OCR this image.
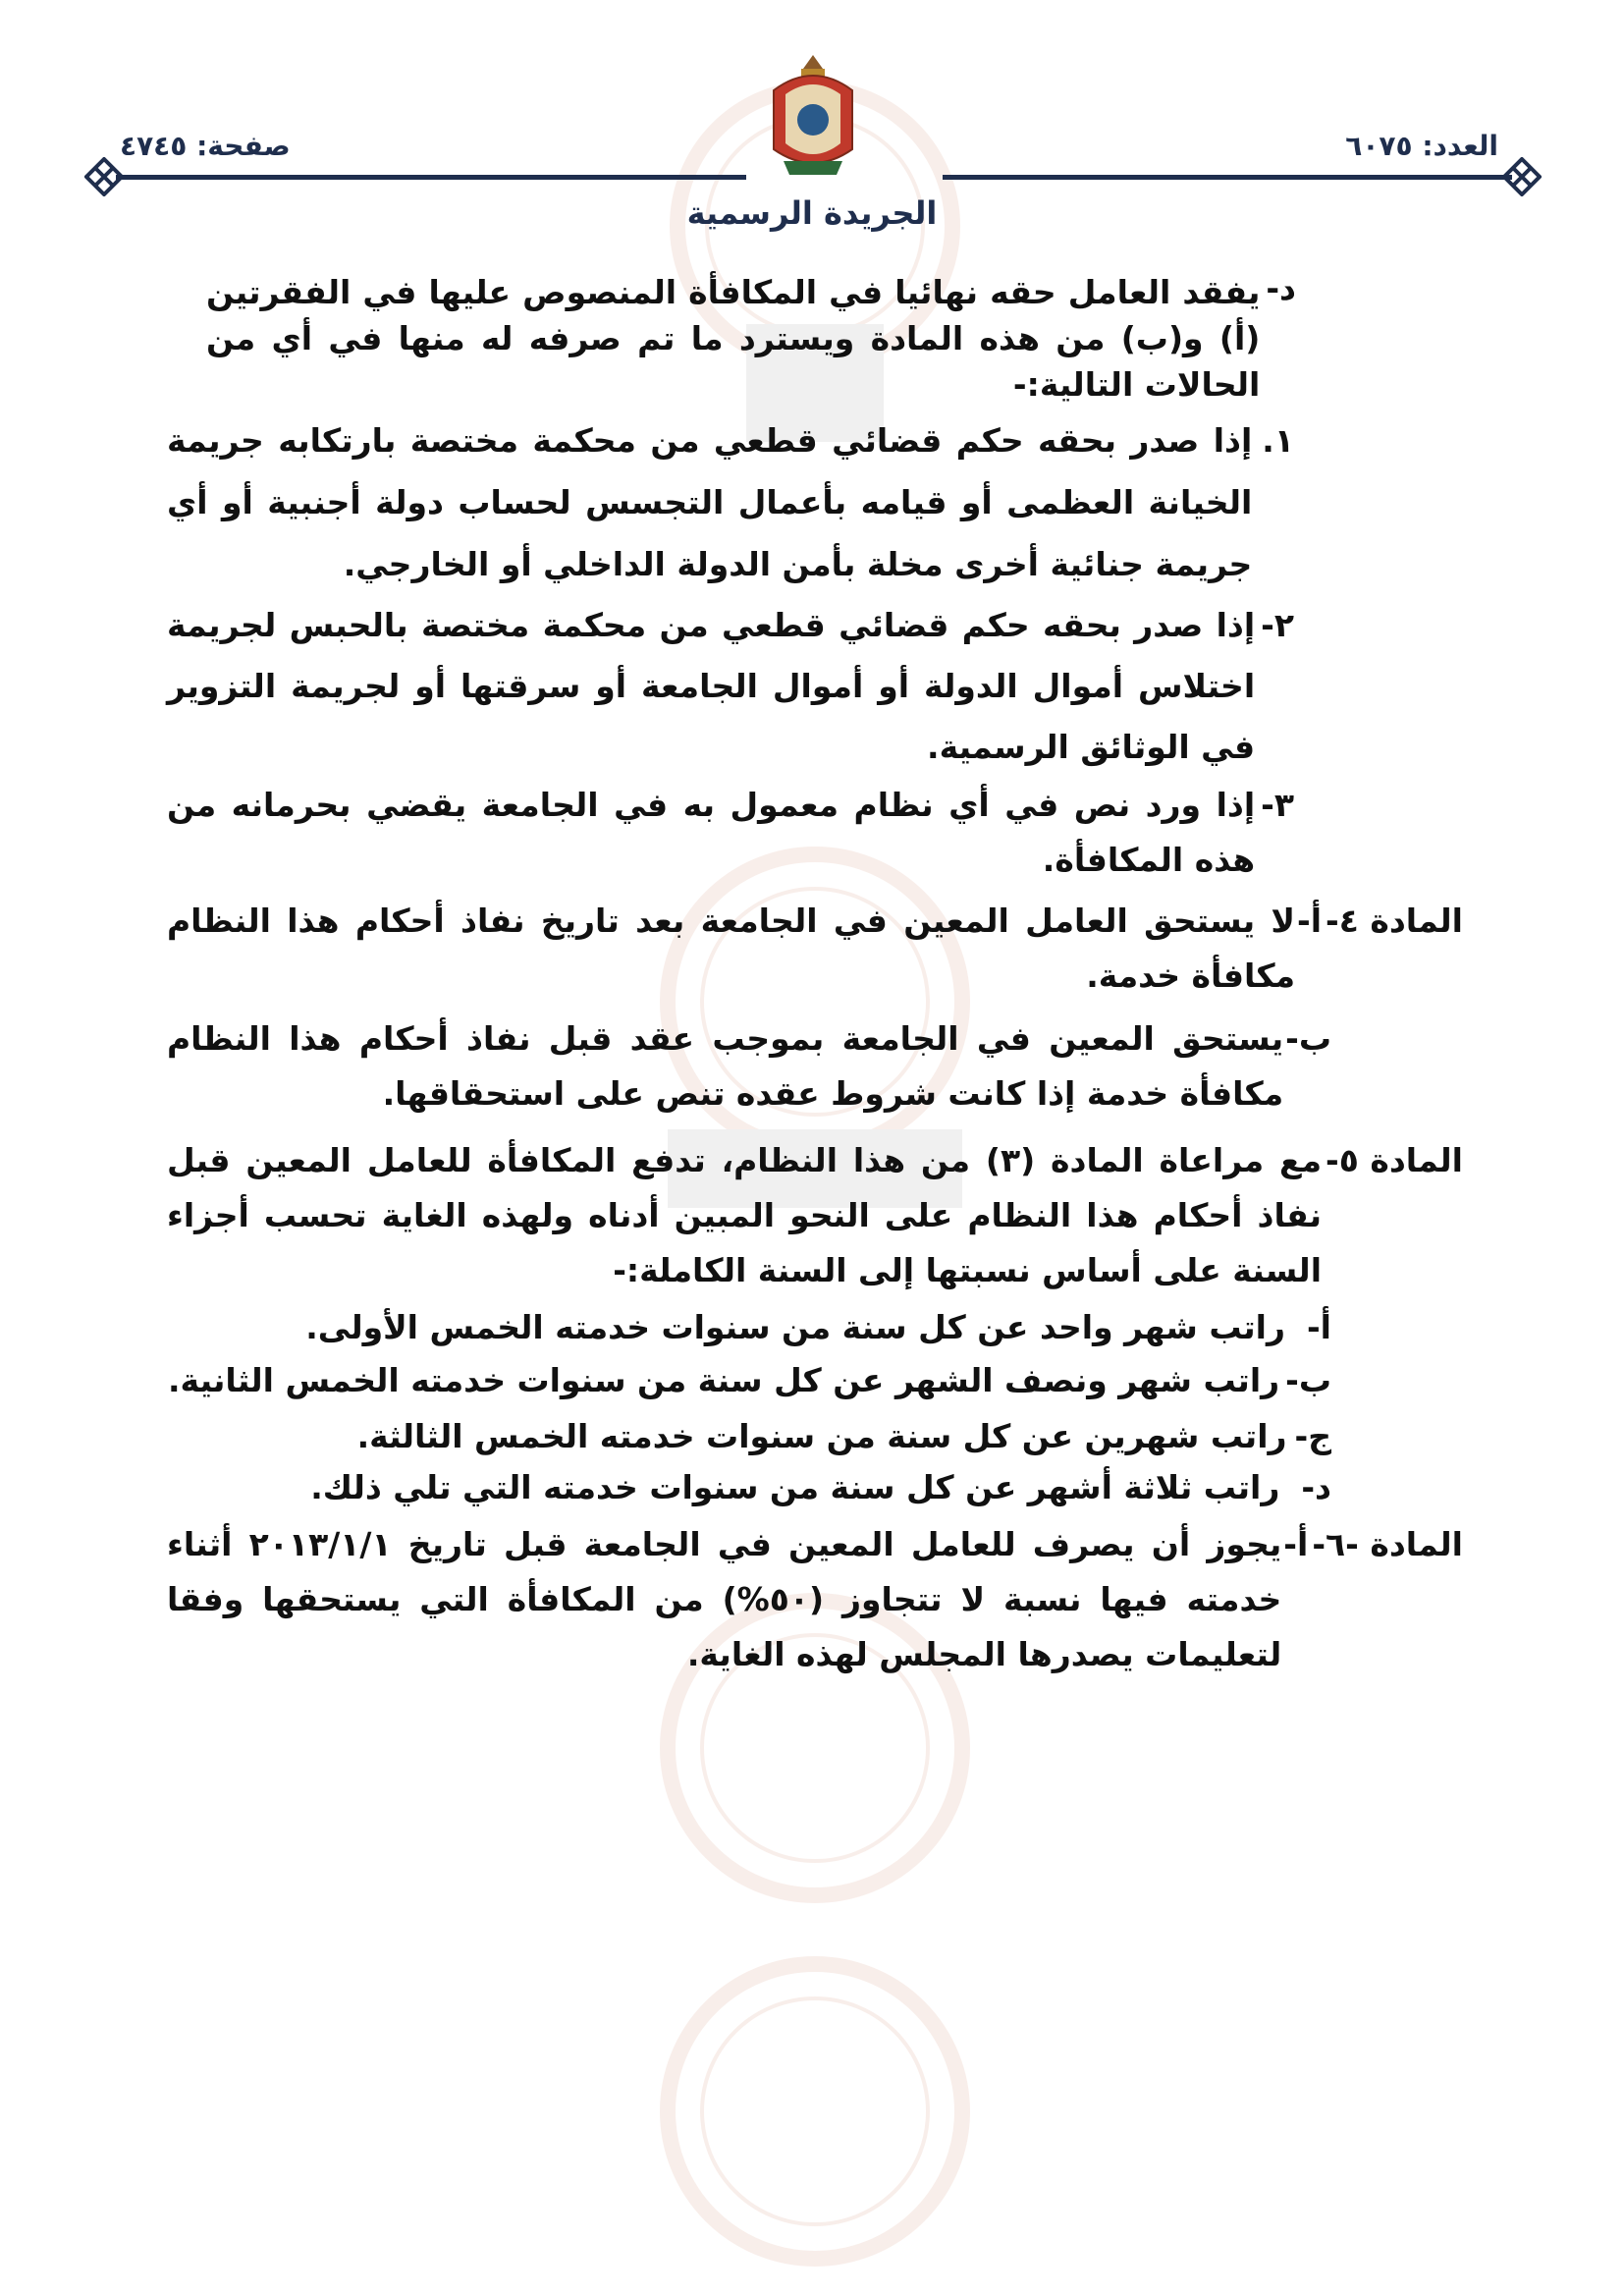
صفحة: ٤٧٤٥	العدد: ٦٠٧٥
الجريدة الرسمية
د-

يفقد العامل حقه نهائيا في المكافأة المنصوص عليها في الفقرتين (أ) و(ب) من هذه المادة ويسترد ما تم صرفه له منها في أي من الحالات التالية:-

١.

إذا صدر بحقه حكم قضائي قطعي من محكمة مختصة بارتكابه جريمة الخيانة العظمى أو قيامه بأعمال التجسس لحساب دولة أجنبية أو أي جريمة جنائية أخرى مخلة بأمن الدولة الداخلي أو الخارجي.

٢-

إذا صدر بحقه حكم قضائي قطعي من محكمة مختصة بالحبس لجريمة اختلاس أموال الدولة أو أموال الجامعة أو سرقتها أو لجريمة التزوير في الوثائق الرسمية.

٣-

إذا ورد نص في أي نظام معمول به في الجامعة يقضي بحرمانه من هذه المكافأة.

المادة ٤-
أ-

لا يستحق العامل المعين في الجامعة بعد تاريخ نفاذ أحكام هذا النظام مكافأة خدمة.

ب-

يستحق المعين في الجامعة بموجب عقد قبل نفاذ أحكام هذا النظام مكافأة خدمة إذا كانت شروط عقده تنص على استحقاقها.

المادة ٥-

مع مراعاة المادة (٣) من هذا النظام، تدفع المكافأة للعامل المعين قبل نفاذ أحكام هذا النظام على النحو المبين أدناه ولهذه الغاية تحسب أجزاء السنة على أساس نسبتها إلى السنة الكاملة:-

أ-

راتب شهر واحد عن كل سنة من سنوات خدمته الخمس الأولى.

ب-

راتب شهر ونصف الشهر عن كل سنة من سنوات خدمته الخمس الثانية.

ج-

راتب شهرين عن كل سنة من سنوات خدمته الخمس الثالثة.

د-

راتب ثلاثة أشهر عن كل سنة من سنوات خدمته التي تلي ذلك.

المادة -٦-
أ-

يجوز أن يصرف للعامل المعين في الجامعة قبل تاريخ ٢٠١٣/١/١ أثناء خدمته فيها نسبة لا تتجاوز (٥٠%) من المكافأة التي يستحقها وفقا لتعليمات يصدرها المجلس لهذه الغاية.
